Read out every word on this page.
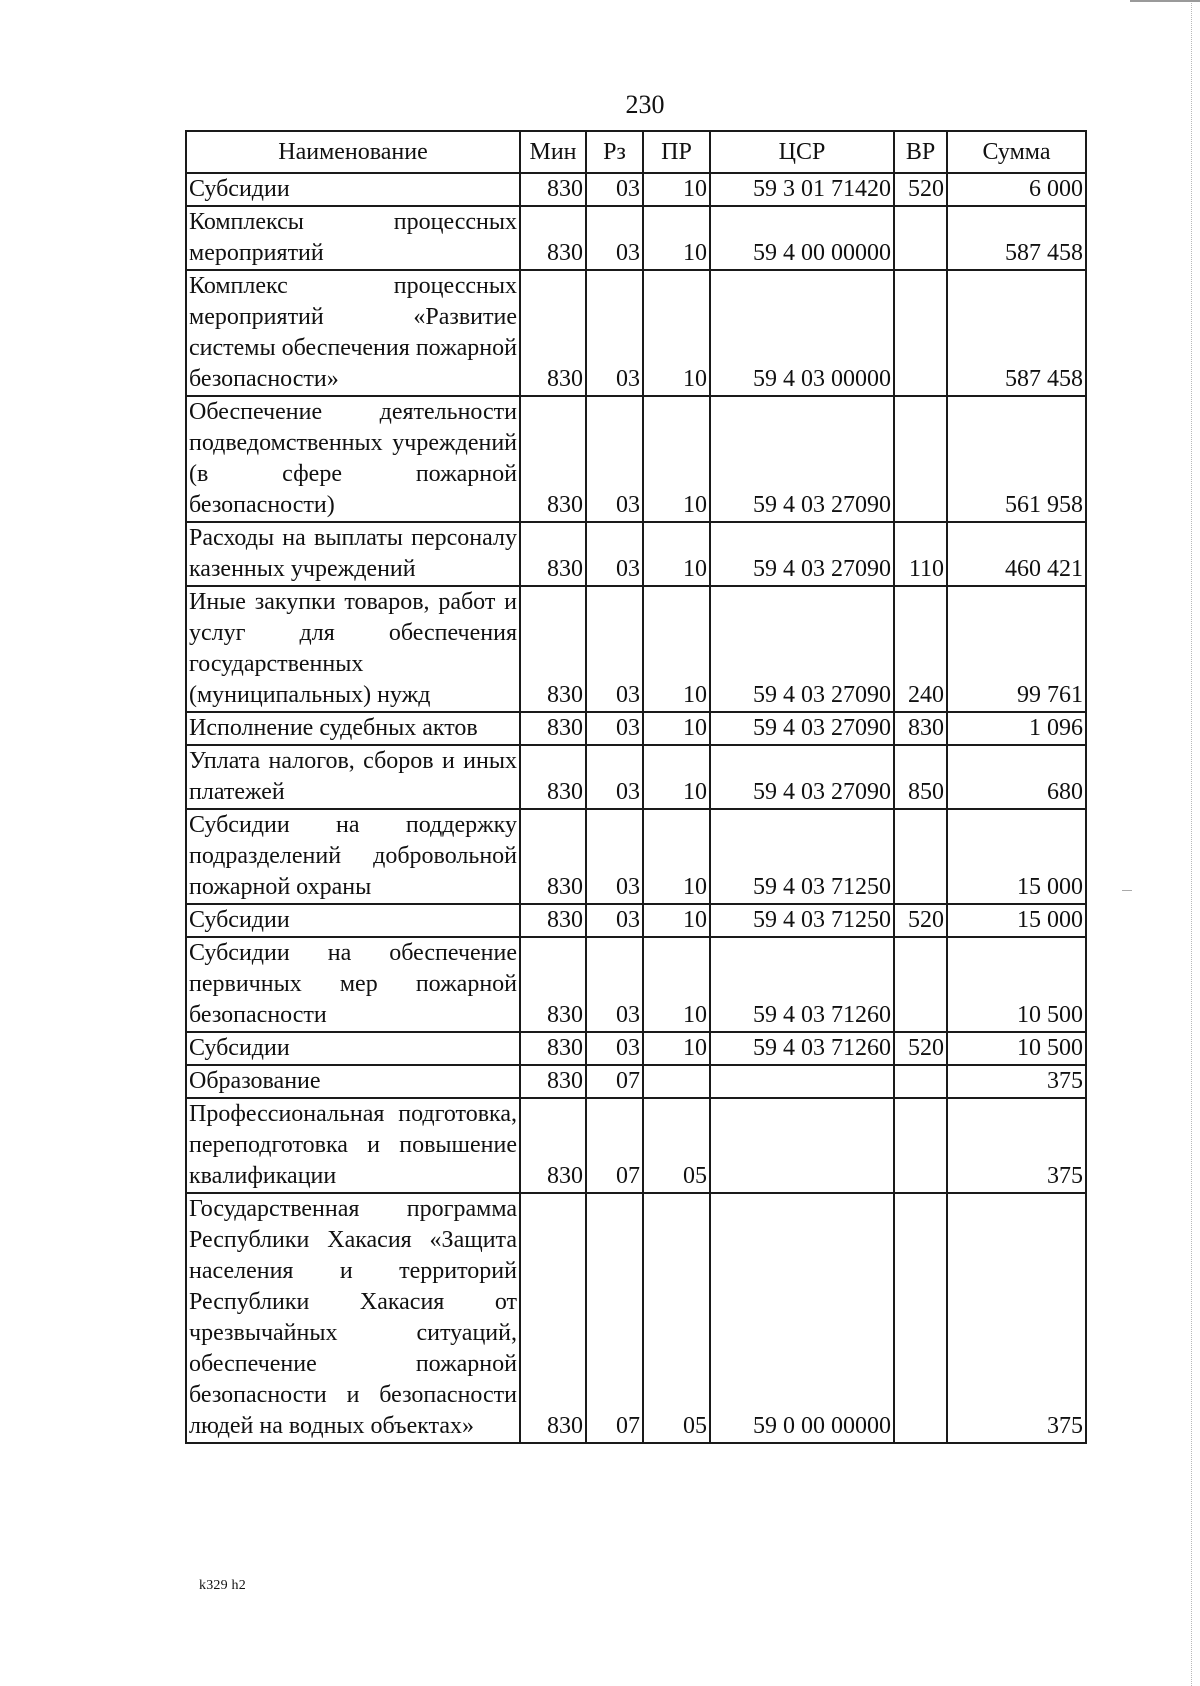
230
Наименование	Мин	Рз	ПР	ЦСР	ВР	Сумма
Субсидии	830	03	10	59 3 01 71420	520	6 000
Комплексы процессных мероприятий	830	03	10	59 4 00 00000		587 458
Комплекс процессных мероприятий «Развитие системы обеспечения пожарной безопасности»	830	03	10	59 4 03 00000		587 458
Обеспечение деятельности подведомственных учреждений (в сфере пожарной безопасности)	830	03	10	59 4 03 27090		561 958
Расходы на выплаты персоналу казенных учреждений	830	03	10	59 4 03 27090	110	460 421
Иные закупки товаров, работ и услуг для обеспечения государственных (муниципальных) нужд	830	03	10	59 4 03 27090	240	99 761
Исполнение судебных актов	830	03	10	59 4 03 27090	830	1 096
Уплата налогов, сборов и иных платежей	830	03	10	59 4 03 27090	850	680
Субсидии на поддержку подразделений добровольной пожарной охраны	830	03	10	59 4 03 71250		15 000
Субсидии	830	03	10	59 4 03 71250	520	15 000
Субсидии на обеспечение первичных мер пожарной безопасности	830	03	10	59 4 03 71260		10 500
Субсидии	830	03	10	59 4 03 71260	520	10 500
Образование	830	07				375
Профессиональная подготовка, переподготовка и повышение квалификации	830	07	05			375
Государственная программа Республики Хакасия «Защита населения и территорий Республики Хакасия от чрезвычайных ситуаций, обеспечение пожарной безопасности и безопасности людей на водных объектах»	830	07	05	59 0 00 00000		375
k329 h2
